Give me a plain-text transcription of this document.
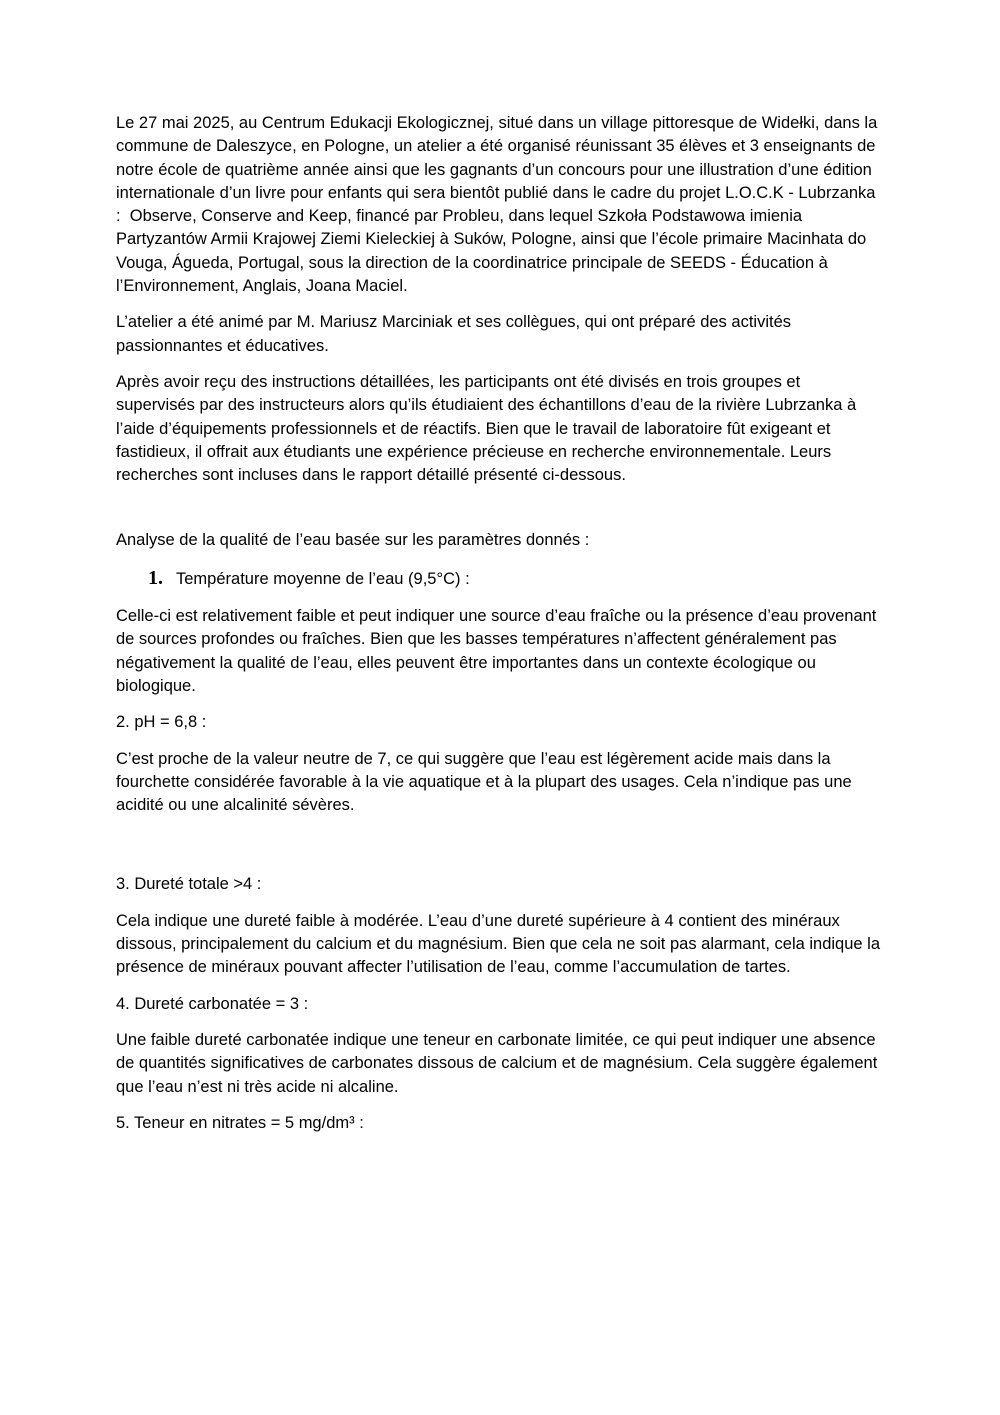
Le 27 mai 2025, au Centrum Edukacji Ekologicznej, situé dans un village pittoresque de Widełki, dans la commune de Daleszyce, en Pologne, un atelier a été organisé réunissant 35 élèves et 3 enseignants de notre école de quatrième année ainsi que les gagnants d’un concours pour une illustration d’une édition internationale d’un livre pour enfants qui sera bientôt publié dans le cadre du projet L.O.C.K - Lubrzanka :  Observe, Conserve and Keep, financé par Probleu, dans lequel Szkoła Podstawowa imienia Partyzantów Armii Krajowej Ziemi Kieleckiej à Suków, Pologne, ainsi que l’école primaire Macinhata do Vouga, Águeda, Portugal, sous la direction de la coordinatrice principale de SEEDS - Éducation à l’Environnement, Anglais, Joana Maciel.

L’atelier a été animé par M. Mariusz Marciniak et ses collègues, qui ont préparé des activités passionnantes et éducatives.

Après avoir reçu des instructions détaillées, les participants ont été divisés en trois groupes et supervisés par des instructeurs alors qu’ils étudiaient des échantillons d’eau de la rivière Lubrzanka à l’aide d’équipements professionnels et de réactifs. Bien que le travail de laboratoire fût exigeant et fastidieux, il offrait aux étudiants une expérience précieuse en recherche environnementale. Leurs recherches sont incluses dans le rapport détaillé présenté ci-dessous.

Analyse de la qualité de l’eau basée sur les paramètres donnés :

1. Température moyenne de l’eau (9,5°C) :

Celle-ci est relativement faible et peut indiquer une source d’eau fraîche ou la présence d’eau provenant de sources profondes ou fraîches. Bien que les basses températures n’affectent généralement pas négativement la qualité de l’eau, elles peuvent être importantes dans un contexte écologique ou biologique.

2. pH = 6,8 :

C’est proche de la valeur neutre de 7, ce qui suggère que l’eau est légèrement acide mais dans la fourchette considérée favorable à la vie aquatique et à la plupart des usages. Cela n’indique pas une acidité ou une alcalinité sévères.

3. Dureté totale >4 :

Cela indique une dureté faible à modérée. L’eau d’une dureté supérieure à 4 contient des minéraux dissous, principalement du calcium et du magnésium. Bien que cela ne soit pas alarmant, cela indique la présence de minéraux pouvant affecter l’utilisation de l’eau, comme l’accumulation de tartes.

4. Dureté carbonatée = 3 :

Une faible dureté carbonatée indique une teneur en carbonate limitée, ce qui peut indiquer une absence de quantités significatives de carbonates dissous de calcium et de magnésium. Cela suggère également que l’eau n’est ni très acide ni alcaline.

5. Teneur en nitrates = 5 mg/dm³ :
